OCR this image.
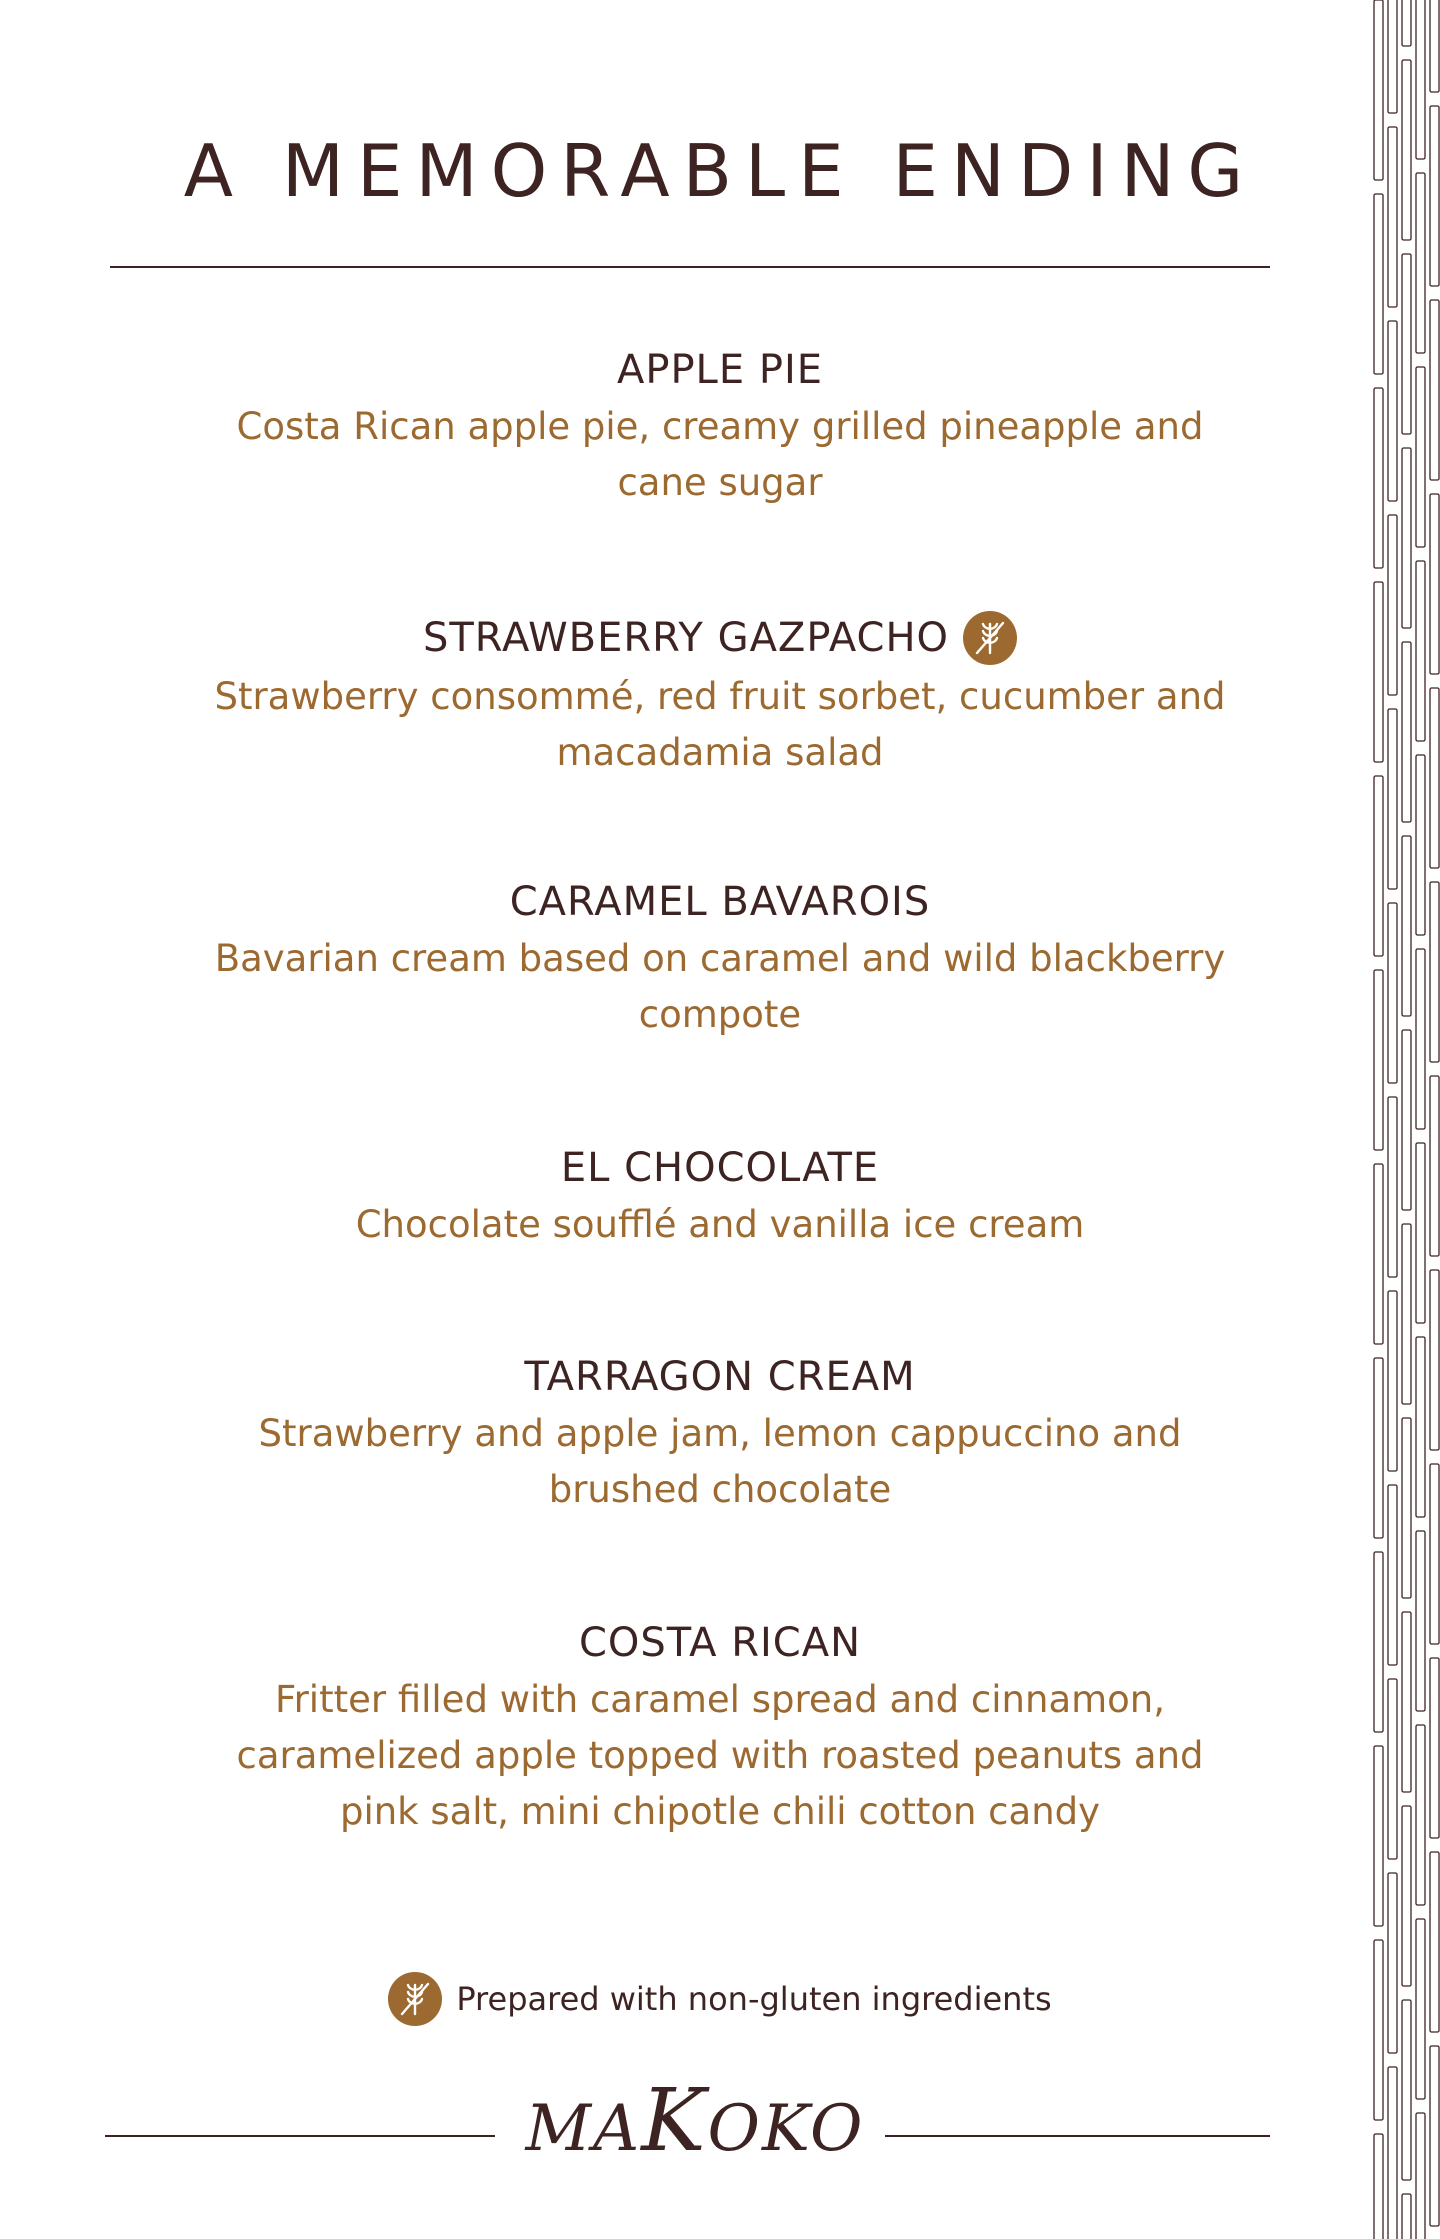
A MEMORABLE ENDING
APPLE PIE
Costa Rican apple pie, creamy grilled pineapple and cane sugar
STRAWBERRY GAZPACHO
Strawberry consommé, red fruit sorbet, cucumber and macadamia salad
CARAMEL BAVAROIS
Bavarian cream based on caramel and wild blackberry compote
EL CHOCOLATE
Chocolate soufflé and vanilla ice cream
TARRAGON CREAM
Strawberry and apple jam, lemon cappuccino and brushed chocolate
COSTA RICAN
Fritter filled with caramel spread and cinnamon, caramelized apple topped with roasted peanuts and pink salt, mini chipotle chili cotton candy
Prepared with non-gluten ingredients
MAKOKO
